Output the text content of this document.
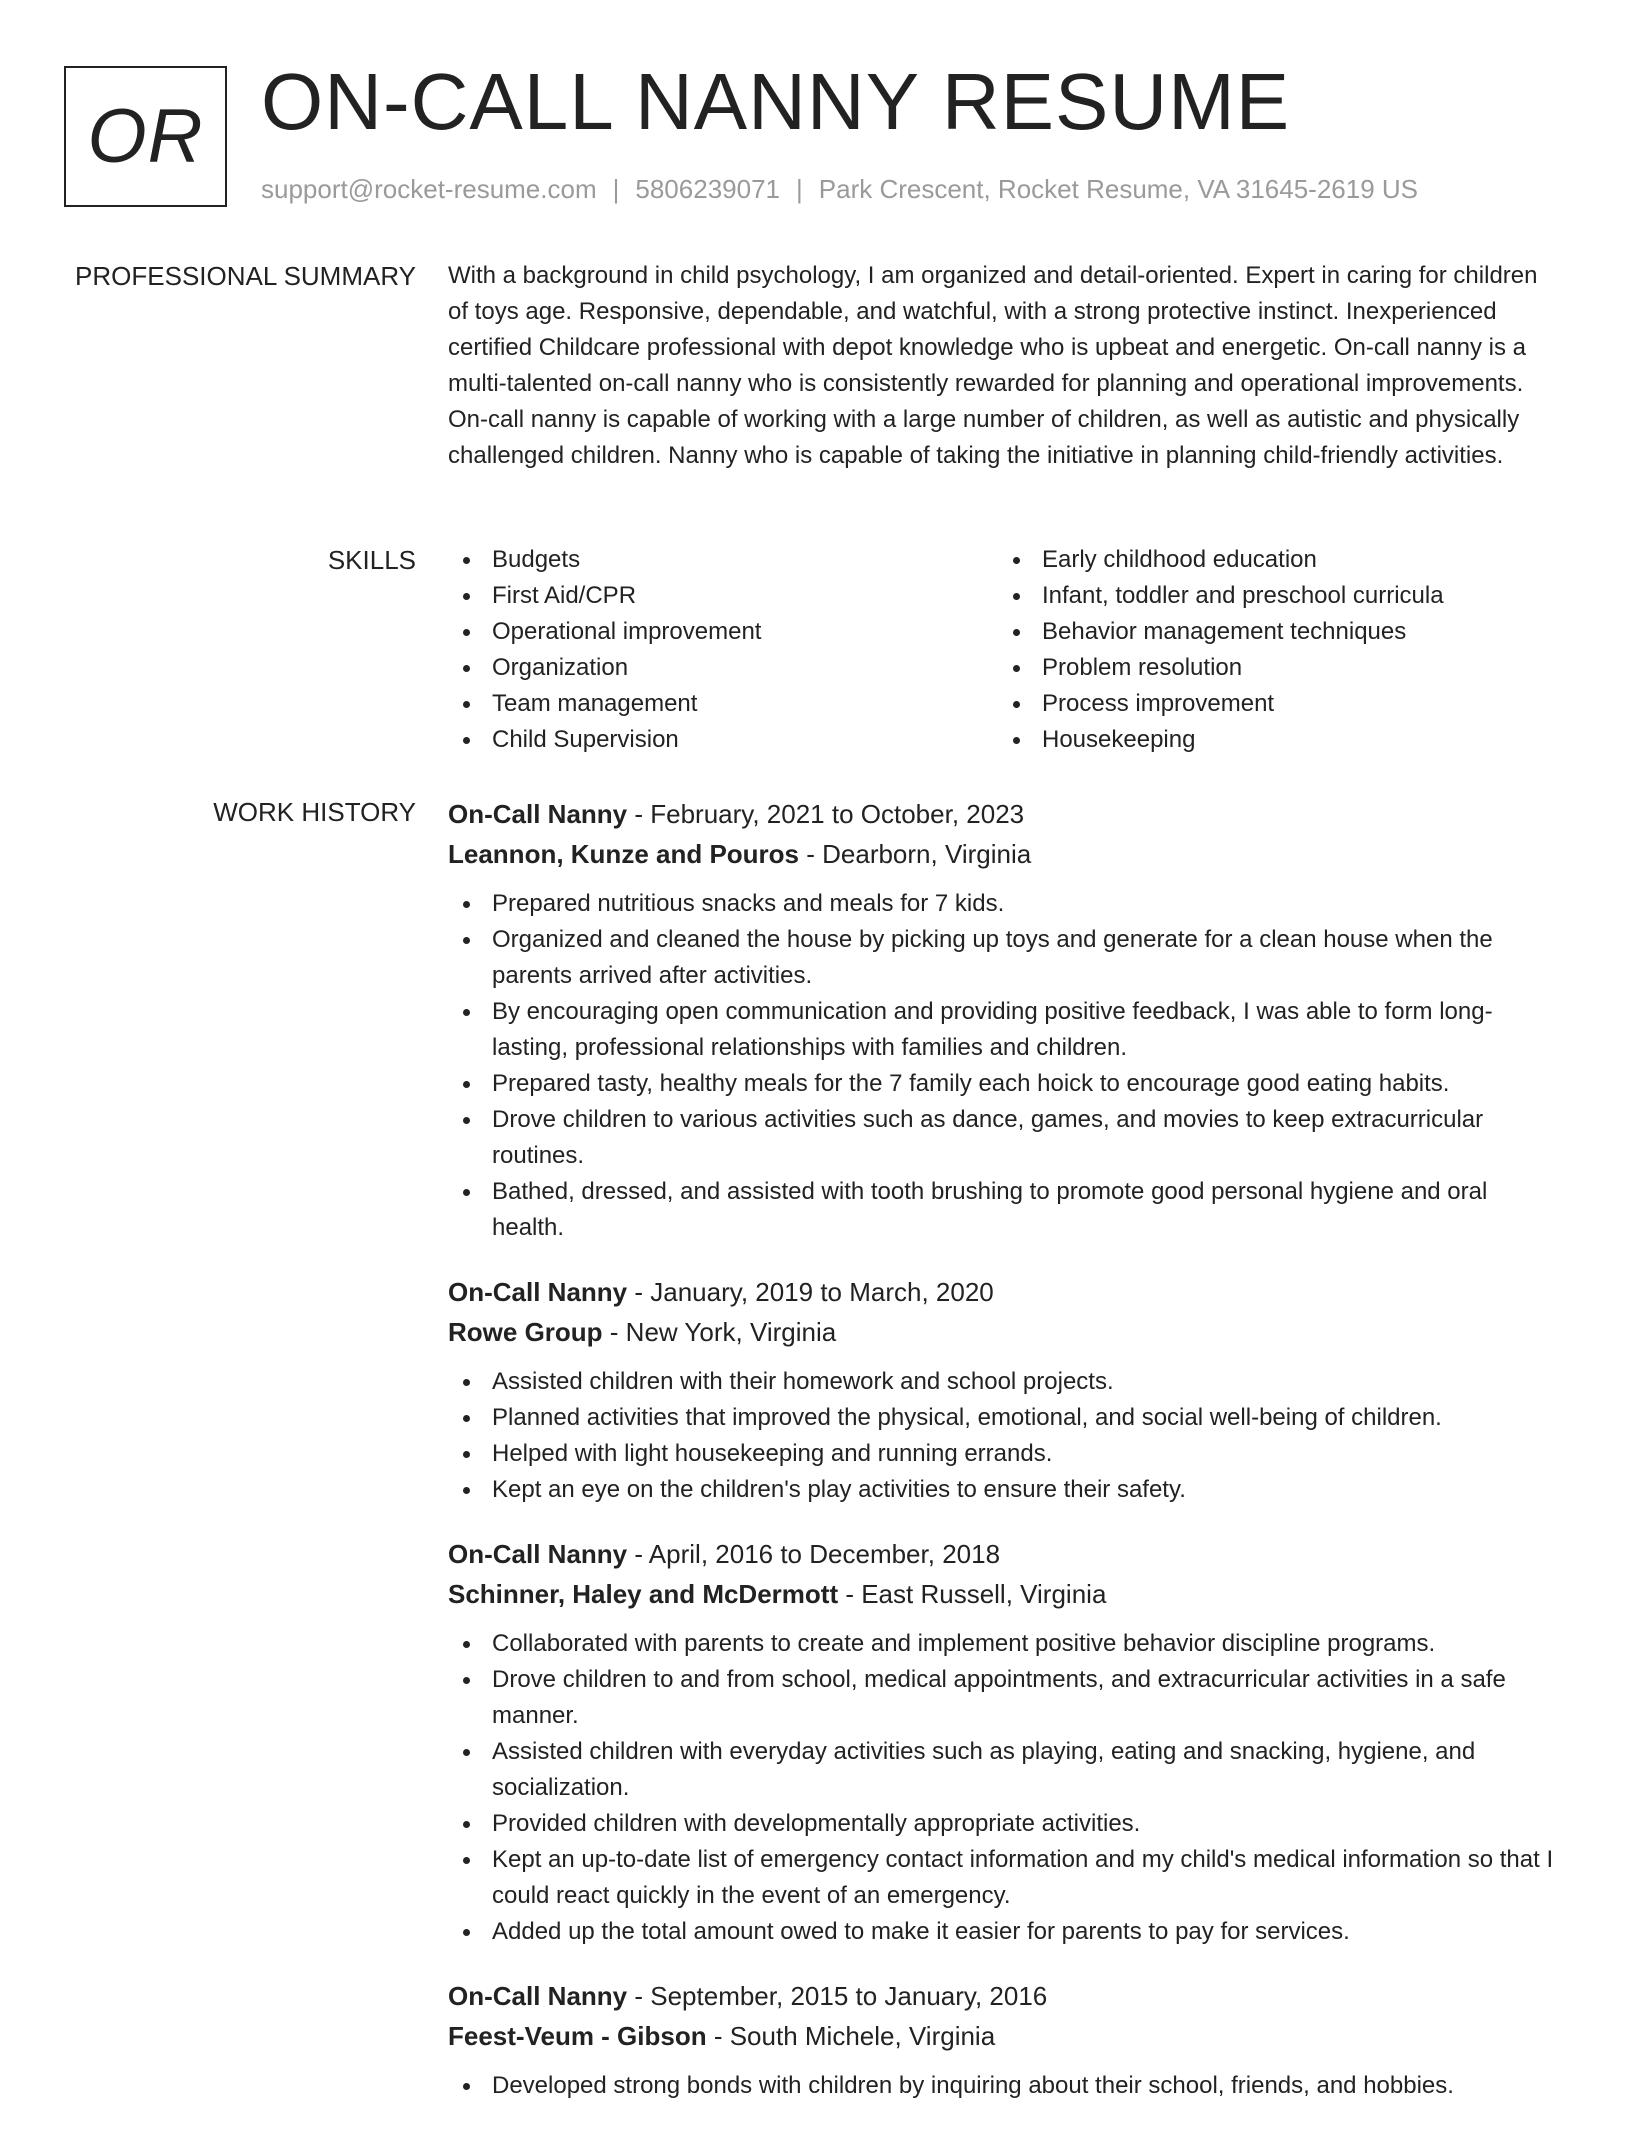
OR ON-CALL NANNY RESUME
support@rocket-resume.com | 5806239071 | Park Crescent, Rocket Resume, VA 31645-2619 US
PROFESSIONAL SUMMARY With a background in child psychology, I am organized and detail-oriented. Expert in caring for children of toys age. Responsive, dependable, and watchful, with a strong protective instinct. Inexperienced certified Childcare professional with depot knowledge who is upbeat and energetic. On-call nanny is a multi-talented on-call nanny who is consistently rewarded for planning and operational improvements. On-call nanny is capable of working with a large number of children, as well as autistic and physically challenged children. Nanny who is capable of taking the initiative in planning child-friendly activities.

SKILLS	Budgets
First Aid/CPR
Operational improvement
Organization
Team management
Child Supervision
Early childhood education
Infant, toddler and preschool curricula
Behavior management techniques
Problem resolution
Process improvement
Housekeeping
WORK HISTORY On-Call Nanny - February, 2021 to October, 2023

Leannon, Kunze and Pouros - Dearborn, Virginia

Prepared nutritious snacks and meals for 7 kids.
Organized and cleaned the house by picking up toys and generate for a clean house when the parents arrived after activities.
By encouraging open communication and providing positive feedback, I was able to form long-lasting, professional relationships with families and children.
Prepared tasty, healthy meals for the 7 family each hoick to encourage good eating habits.
Drove children to various activities such as dance, games, and movies to keep extracurricular routines.
Bathed, dressed, and assisted with tooth brushing to promote good personal hygiene and oral health.

On-Call Nanny - January, 2019 to March, 2020

Rowe Group - New York, Virginia

Assisted children with their homework and school projects.
Planned activities that improved the physical, emotional, and social well-being of children.
Helped with light housekeeping and running errands.
Kept an eye on the children's play activities to ensure their safety.

On-Call Nanny - April, 2016 to December, 2018

Schinner, Haley and McDermott - East Russell, Virginia

Collaborated with parents to create and implement positive behavior discipline programs.
Drove children to and from school, medical appointments, and extracurricular activities in a safe manner.
Assisted children with everyday activities such as playing, eating and snacking, hygiene, and socialization.
Provided children with developmentally appropriate activities.
Kept an up-to-date list of emergency contact information and my child's medical information so that I could react quickly in the event of an emergency.
Added up the total amount owed to make it easier for parents to pay for services.

On-Call Nanny - September, 2015 to January, 2016

Feest-Veum - Gibson - South Michele, Virginia

Developed strong bonds with children by inquiring about their school, friends, and hobbies.
